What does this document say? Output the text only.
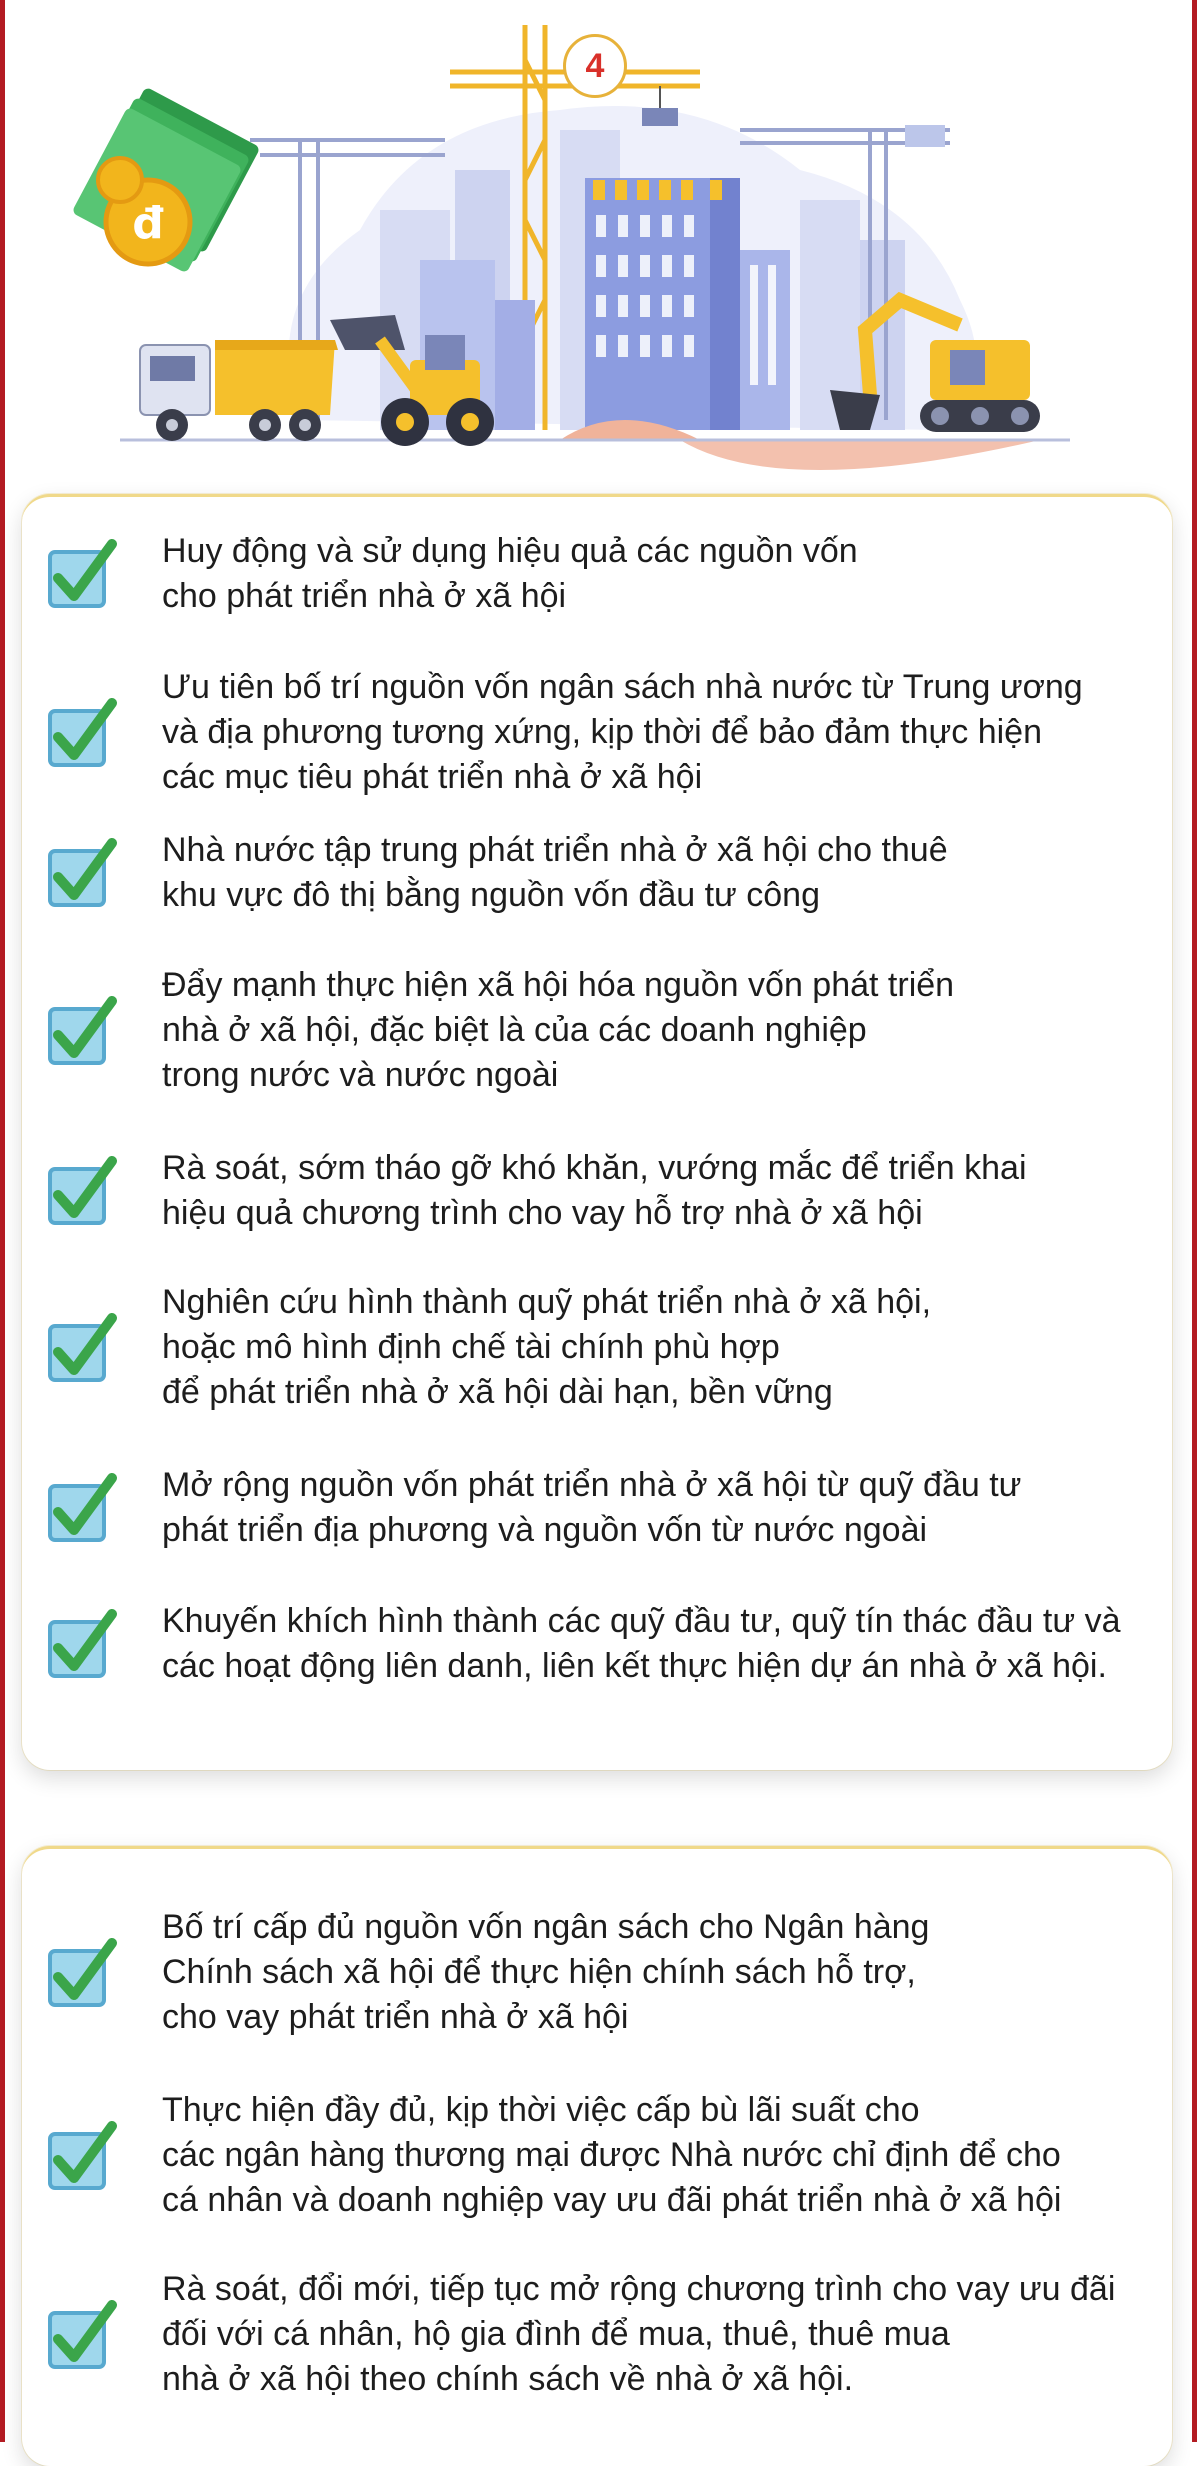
đ
4
Huy động và sử dụng hiệu quả các nguồn vốn
cho phát triển nhà ở xã hội
Ưu tiên bố trí nguồn vốn ngân sách nhà nước từ Trung ương
và địa phương tương xứng, kịp thời để bảo đảm thực hiện
các mục tiêu phát triển nhà ở xã hội
Nhà nước tập trung phát triển nhà ở xã hội cho thuê
khu vực đô thị bằng nguồn vốn đầu tư công
Đẩy mạnh thực hiện xã hội hóa nguồn vốn phát triển
nhà ở xã hội, đặc biệt là của các doanh nghiệp
trong nước và nước ngoài
Rà soát, sớm tháo gỡ khó khăn, vướng mắc để triển khai
hiệu quả chương trình cho vay hỗ trợ nhà ở xã hội
Nghiên cứu hình thành quỹ phát triển nhà ở xã hội,
hoặc mô hình định chế tài chính phù hợp
để phát triển nhà ở xã hội dài hạn, bền vững
Mở rộng nguồn vốn phát triển nhà ở xã hội từ quỹ đầu tư
phát triển địa phương và nguồn vốn từ nước ngoài
Khuyến khích hình thành các quỹ đầu tư, quỹ tín thác đầu tư và
các hoạt động liên danh, liên kết thực hiện dự án nhà ở xã hội.
Bố trí cấp đủ nguồn vốn ngân sách cho Ngân hàng
Chính sách xã hội để thực hiện chính sách hỗ trợ,
cho vay phát triển nhà ở xã hội
Thực hiện đầy đủ, kịp thời việc cấp bù lãi suất cho
các ngân hàng thương mại được Nhà nước chỉ định để cho
cá nhân và doanh nghiệp vay ưu đãi phát triển nhà ở xã hội
Rà soát, đổi mới, tiếp tục mở rộng chương trình cho vay ưu đãi
đối với cá nhân, hộ gia đình để mua, thuê, thuê mua
nhà ở xã hội theo chính sách về nhà ở xã hội.
